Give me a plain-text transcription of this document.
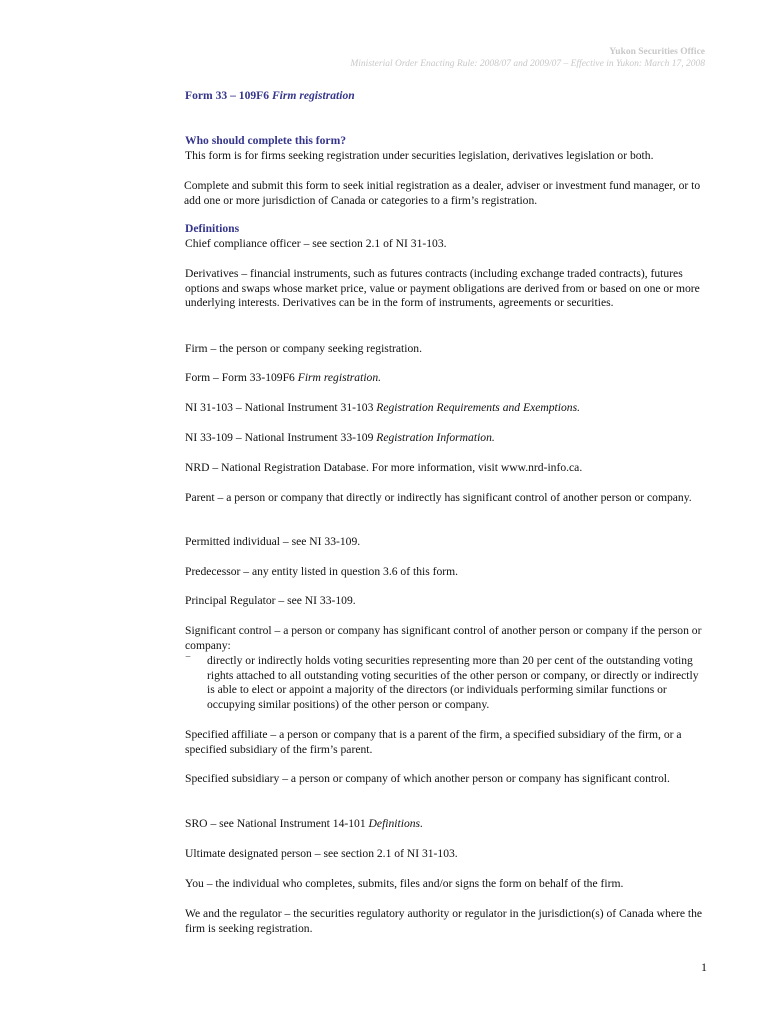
Yukon Securities Office
Ministerial Order Enacting Rule: 2008/07 and 2009/07 – Effective in Yukon: March 17, 2008
Form 33 – 109F6 Firm registration
Who should complete this form?
This form is for firms seeking registration under securities legislation, derivatives legislation or both.
Complete and submit this form to seek initial registration as a dealer, adviser or investment fund manager, or to add one or more jurisdiction of Canada or categories to a firm’s registration.
Definitions
Chief compliance officer – see section 2.1 of NI 31-103.
Derivatives – financial instruments, such as futures contracts (including exchange traded contracts), futures options and swaps whose market price, value or payment obligations are derived from or based on one or more underlying interests. Derivatives can be in the form of instruments, agreements or securities.
Firm – the person or company seeking registration.
Form – Form 33-109F6 Firm registration.
NI 31-103 – National Instrument 31-103 Registration Requirements and Exemptions.
NI 33-109 – National Instrument 33-109 Registration Information.
NRD – National Registration Database. For more information, visit www.nrd-info.ca.
Parent – a person or company that directly or indirectly has significant control of another person or company.
Permitted individual – see NI 33-109.
Predecessor – any entity listed in question 3.6 of this form.
Principal Regulator – see NI 33-109.
Significant control – a person or company has significant control of another person or company if the person or company:
‾ directly or indirectly holds voting securities representing more than 20 per cent of the outstanding voting rights attached to all outstanding voting securities of the other person or company, or directly or indirectly is able to elect or appoint a majority of the directors (or individuals performing similar functions or occupying similar positions) of the other person or company.
Specified affiliate – a person or company that is a parent of the firm, a specified subsidiary of the firm, or a specified subsidiary of the firm’s parent.
Specified subsidiary – a person or company of which another person or company has significant control.
SRO – see National Instrument 14-101 Definitions.
Ultimate designated person – see section 2.1 of NI 31-103.
You – the individual who completes, submits, files and/or signs the form on behalf of the firm.
We and the regulator – the securities regulatory authority or regulator in the jurisdiction(s) of Canada where the firm is seeking registration.
1
